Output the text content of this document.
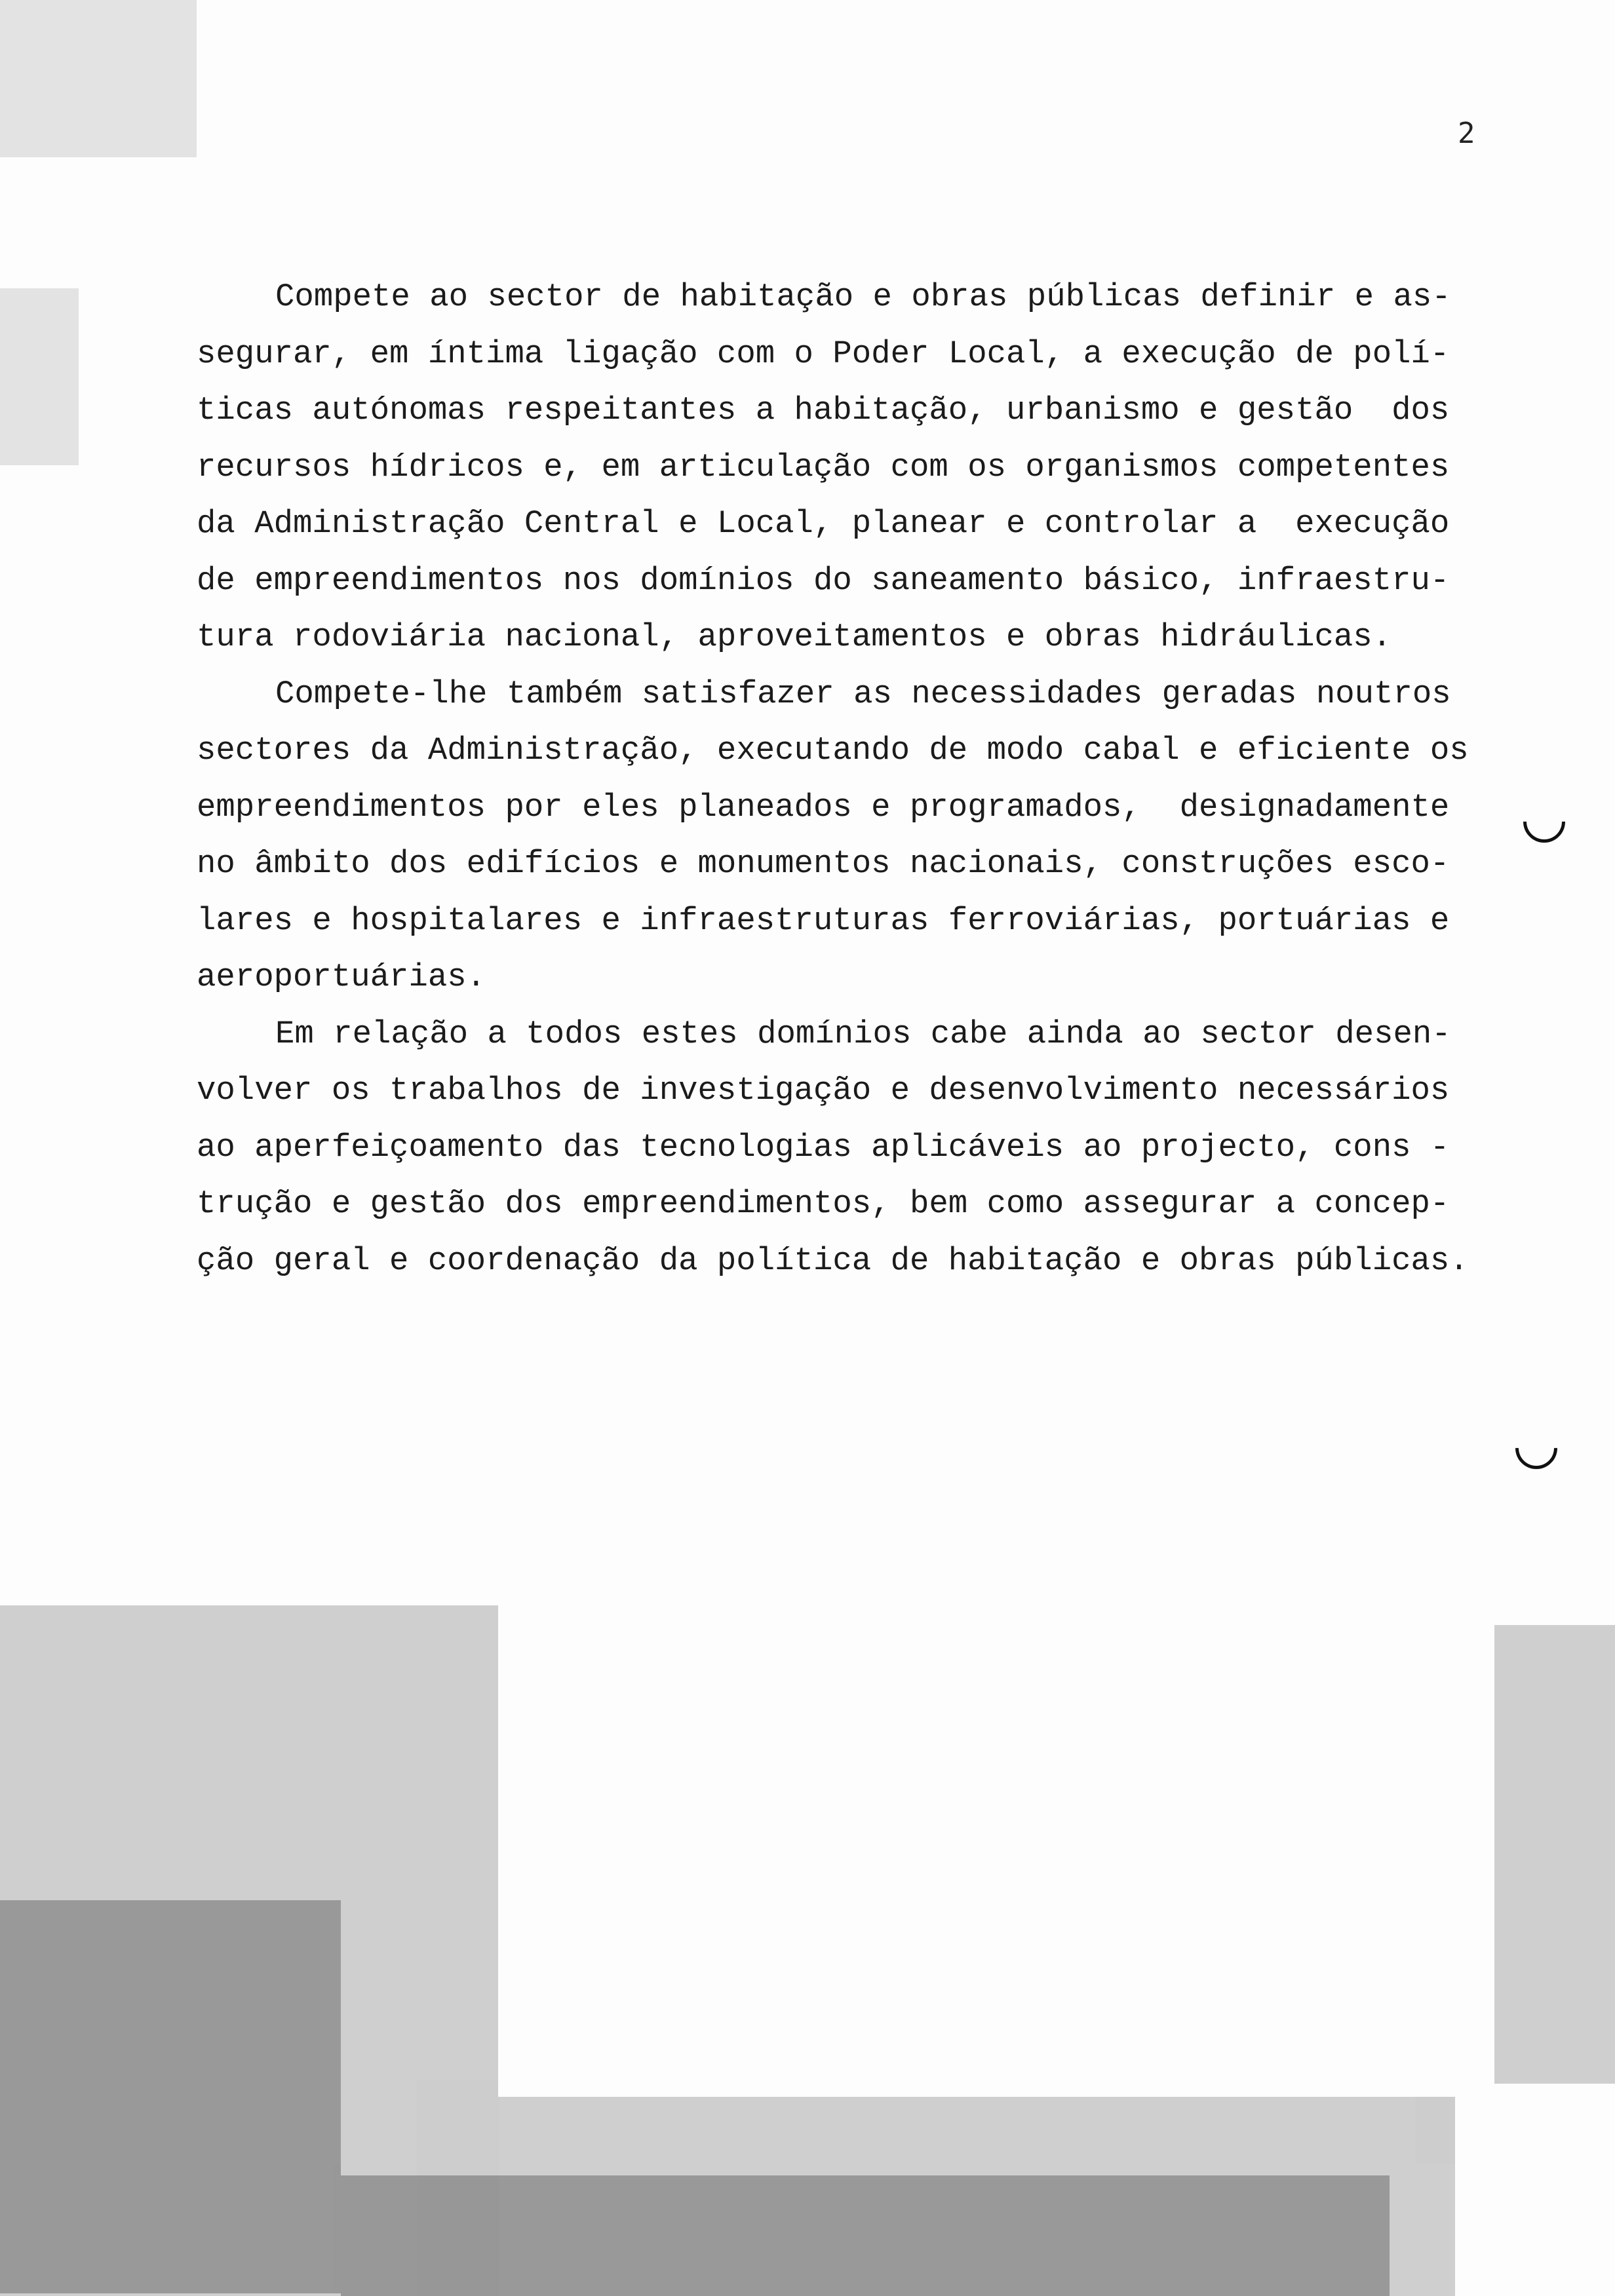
2
Compete ao sector de habitação e obras públicas definir e as-
segurar, em íntima ligação com o Poder Local, a execução de polí-
ticas autónomas respeitantes a habitação, urbanismo e gestão  dos
recursos hídricos e, em articulação com os organismos competentes
da Administração Central e Local, planear e controlar a  execução
de empreendimentos nos domínios do saneamento básico, infraestru-
tura rodoviária nacional, aproveitamentos e obras hidráulicas.
Compete-lhe também satisfazer as necessidades geradas noutros
sectores da Administração, executando de modo cabal e eficiente os
empreendimentos por eles planeados e programados,  designadamente
no âmbito dos edifícios e monumentos nacionais, construções esco-
lares e hospitalares e infraestruturas ferroviárias, portuárias e
aeroportuárias.
Em relação a todos estes domínios cabe ainda ao sector desen-
volver os trabalhos de investigação e desenvolvimento necessários
ao aperfeiçoamento das tecnologias aplicáveis ao projecto, cons -
trução e gestão dos empreendimentos, bem como assegurar a concep-
ção geral e coordenação da política de habitação e obras públicas.
